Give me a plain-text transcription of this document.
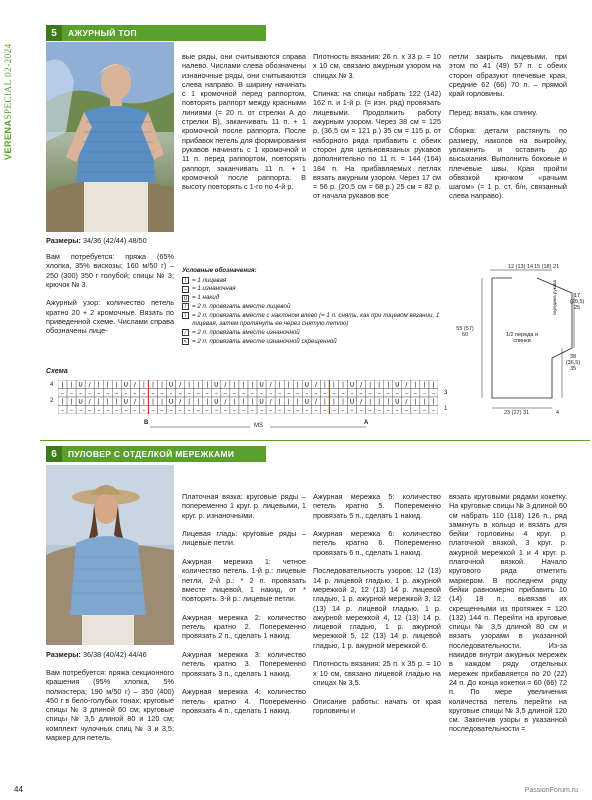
VERENASPECIAL 02-2024
5	АЖУРНЫЙ ТОП
Размеры: 34/36 (42/44) 48/50
Вам потребуется: пряжа (65% хлопка, 35% вискозы; 160 м/50 г) – 250 (300) 350 г голубой; спицы № 3; крючок № 3.

Ажурный узор: количество петель кратно 20 + 2 кромочные. Вязать по приведенной схеме. Числами справа обозначены лице-
вые ряды, они считываются справа налево. Числами слева обозначены изнаночные ряды, они считываются слева направо. В ширину начинать с 1 кромочной перед раппортом, повторять раппорт между красными линиями (= 20 п. от стрелки А до стрелки В), заканчивать 11 п. + 1 кромочной после раппорта. После прибавок петель для формирования рукавов начинать с 1 кромочной и 11 п. перед раппортом, повторять раппорт, заканчивать 11 п. + 1 кромочной после раппорта. В высоту повторять с 1-го по 4-й р.
Плотность вязания: 26 п. х 33 р. = 10 х 10 см, связано ажурным узором на спицах № 3.

Спинка: на спицы набрать 122 (142) 162 п. и 1-й р. (= изн. ряд) провязать лицевыми. Продолжить работу ажурным узором. Через 38 см = 125 р. (36,5 см = 121 р.) 35 см = 115 р. от наборного ряда прибавить с обеих сторон для цельновязаных рукавов дополнительно по 11 п. = 144 (164) 184 п. На прибавляемых петлях вязать ажурным узором. Через 17 см = 56 р. (20,5 см = 68 р.) 25 см = 82 р. от начала рукавов все
петли закрыть лицевыми, при этом по 41 (49) 57 п. с обеих сторон образуют плечевые края, средние 62 (66) 70 п. – прямой край горловины.

Перед: вязать, как спинку.

Сборка: детали растянуть по размеру, наколов на выкройку, увлажнить и оставить до высыхания. Выполнить боковые и плечевые швы. Края пройти обвязкой крючком «рачьим шагом» (= 1 р. ст. б/н, связанный слева направо).
Условные обозначения:
I = 1 лицевая
– = 1 изнаночная
U = 1 накид
/ = 2 п. провязать вместе лицевой
\ = 2 п. провязать вместе с наклоном влево (= 1 п. снять, как при лицевом вязании, 1 лицевая, затем протянуть ее через снятую петлю)
⁄ = 2 п. провязать вместе изнаночной
↖ = 2 п. провязать вместе изнаночной скрещенной
12 (13) 14 15 (18) 21
17 (20,5) 25
55 (57) 60	1/2 переда и спинки
38 (36,5) 35
23 (27) 31	4
середина рукава
Схема
4
2
3
1
| | U / | | | U / | | | U / | | | U / | | | U / | | | U / | | | U / | | | U / | | |
– – – – – – – – – – – – – – – – – – – – – – – – – – – – – – – – – – – – – – – – – –
| | U / | | | U / | | | U / | | | U / | | | U / | | | U / | | | U / | | | U / | | |
– – – – – – – – – – – – – – – – – – – – – – – – – – – – – – – – – – – – – – – – – –
B	A
MS
6	ПУЛОВЕР С ОТДЕЛКОЙ МЕРЕЖКАМИ
Размеры: 36/38 (40/42) 44/46
Вам потребуется: пряжа секционного крашения (95% хлопка, 5% полиэстера; 190 м/50 г) – 350 (400) 450 г в бело-голубых тонах; круговые спицы № 3 длиной 60 см; круговые спицы № 3,5 длиной 80 и 120 см; комплект чулочных спиц № 3 и 3,5; маркер для петель.
Платочная вязка: круговые ряды – попеременно 1 круг. р. лицевыми, 1 круг. р. изнаночными.

Лицевая гладь: круговые ряды – лицевые петли.

Ажурная мережка 1: четное количество петель. 1-й р.: лицевые петли. 2-й р.: * 2 п. провязать вместе лицевой, 1 накид, от * повторять. 3-й р.: лицевые петли.

Ажурная мережка 2: количество петель кратно 2. Попеременно провязать 2 п., сделать 1 накид.

Ажурная мережка 3: количество петель кратно 3. Попеременно провязать 3 п., сделать 1 накид.

Ажурная мережка 4: количество петель кратно 4. Попеременно провязать 4 п., сделать 1 накид.
Ажурная мережка 5: количество петель кратно 5. Попеременно провязать 5 п., сделать 1 накид.

Ажурная мережка 6: количество петель кратно 6. Попеременно провязать 6 п., сделать 1 накид.

Последовательность узоров: 12 (13) 14 р. лицевой гладью, 1 р. ажурной мережкой 2, 12 (13) 14 р. лицевой гладью, 1 р. ажурной мережкой 3, 12 (13) 14 р. лицевой гладью, 1 р. ажурной мережкой 4, 12 (13) 14 р. лицевой гладью, 1 р. ажурной мережкой 5, 12 (13) 14 р. лицевой гладью, 1 р. ажурной мережкой 6.

Плотность вязания: 25 п. х 35 р. = 10 х 10 см, связано лицевой гладью на спицах № 3,5.

Описание работы: начать от края горловины и
вязать круговыми рядами кокетку. На круговые спицы № 3 длиной 60 см набрать 110 (118) 126 п., ряд замкнуть в кольцо и вязать для бейки горловины 4 круг. р. платочной вязкой, 3 круг. р. ажурной мережкой 1 и 4 круг. р. платочной вязкой. Начало кругового ряда отметить маркером. В последнем ряду бейки равномерно прибавить 10 (14) 18 п., вывязав их скрещенными из протяжек = 120 (132) 144 п. Перейти на круговые спицы № 3,5 длиной 80 см и вязать узорами в указанной последовательности. Из-за накидов внутри ажурных мережек в каждом ряду отдельных мережек прибавляется по 20 (22) 24 п. До конца кокетки = 60 (66) 72 п. По мере увеличения количества петель перейти на круговые спицы № 3,5 длиной 120 см. Закончив узоры в указанной последовательности =
44	PassionForum.ru
